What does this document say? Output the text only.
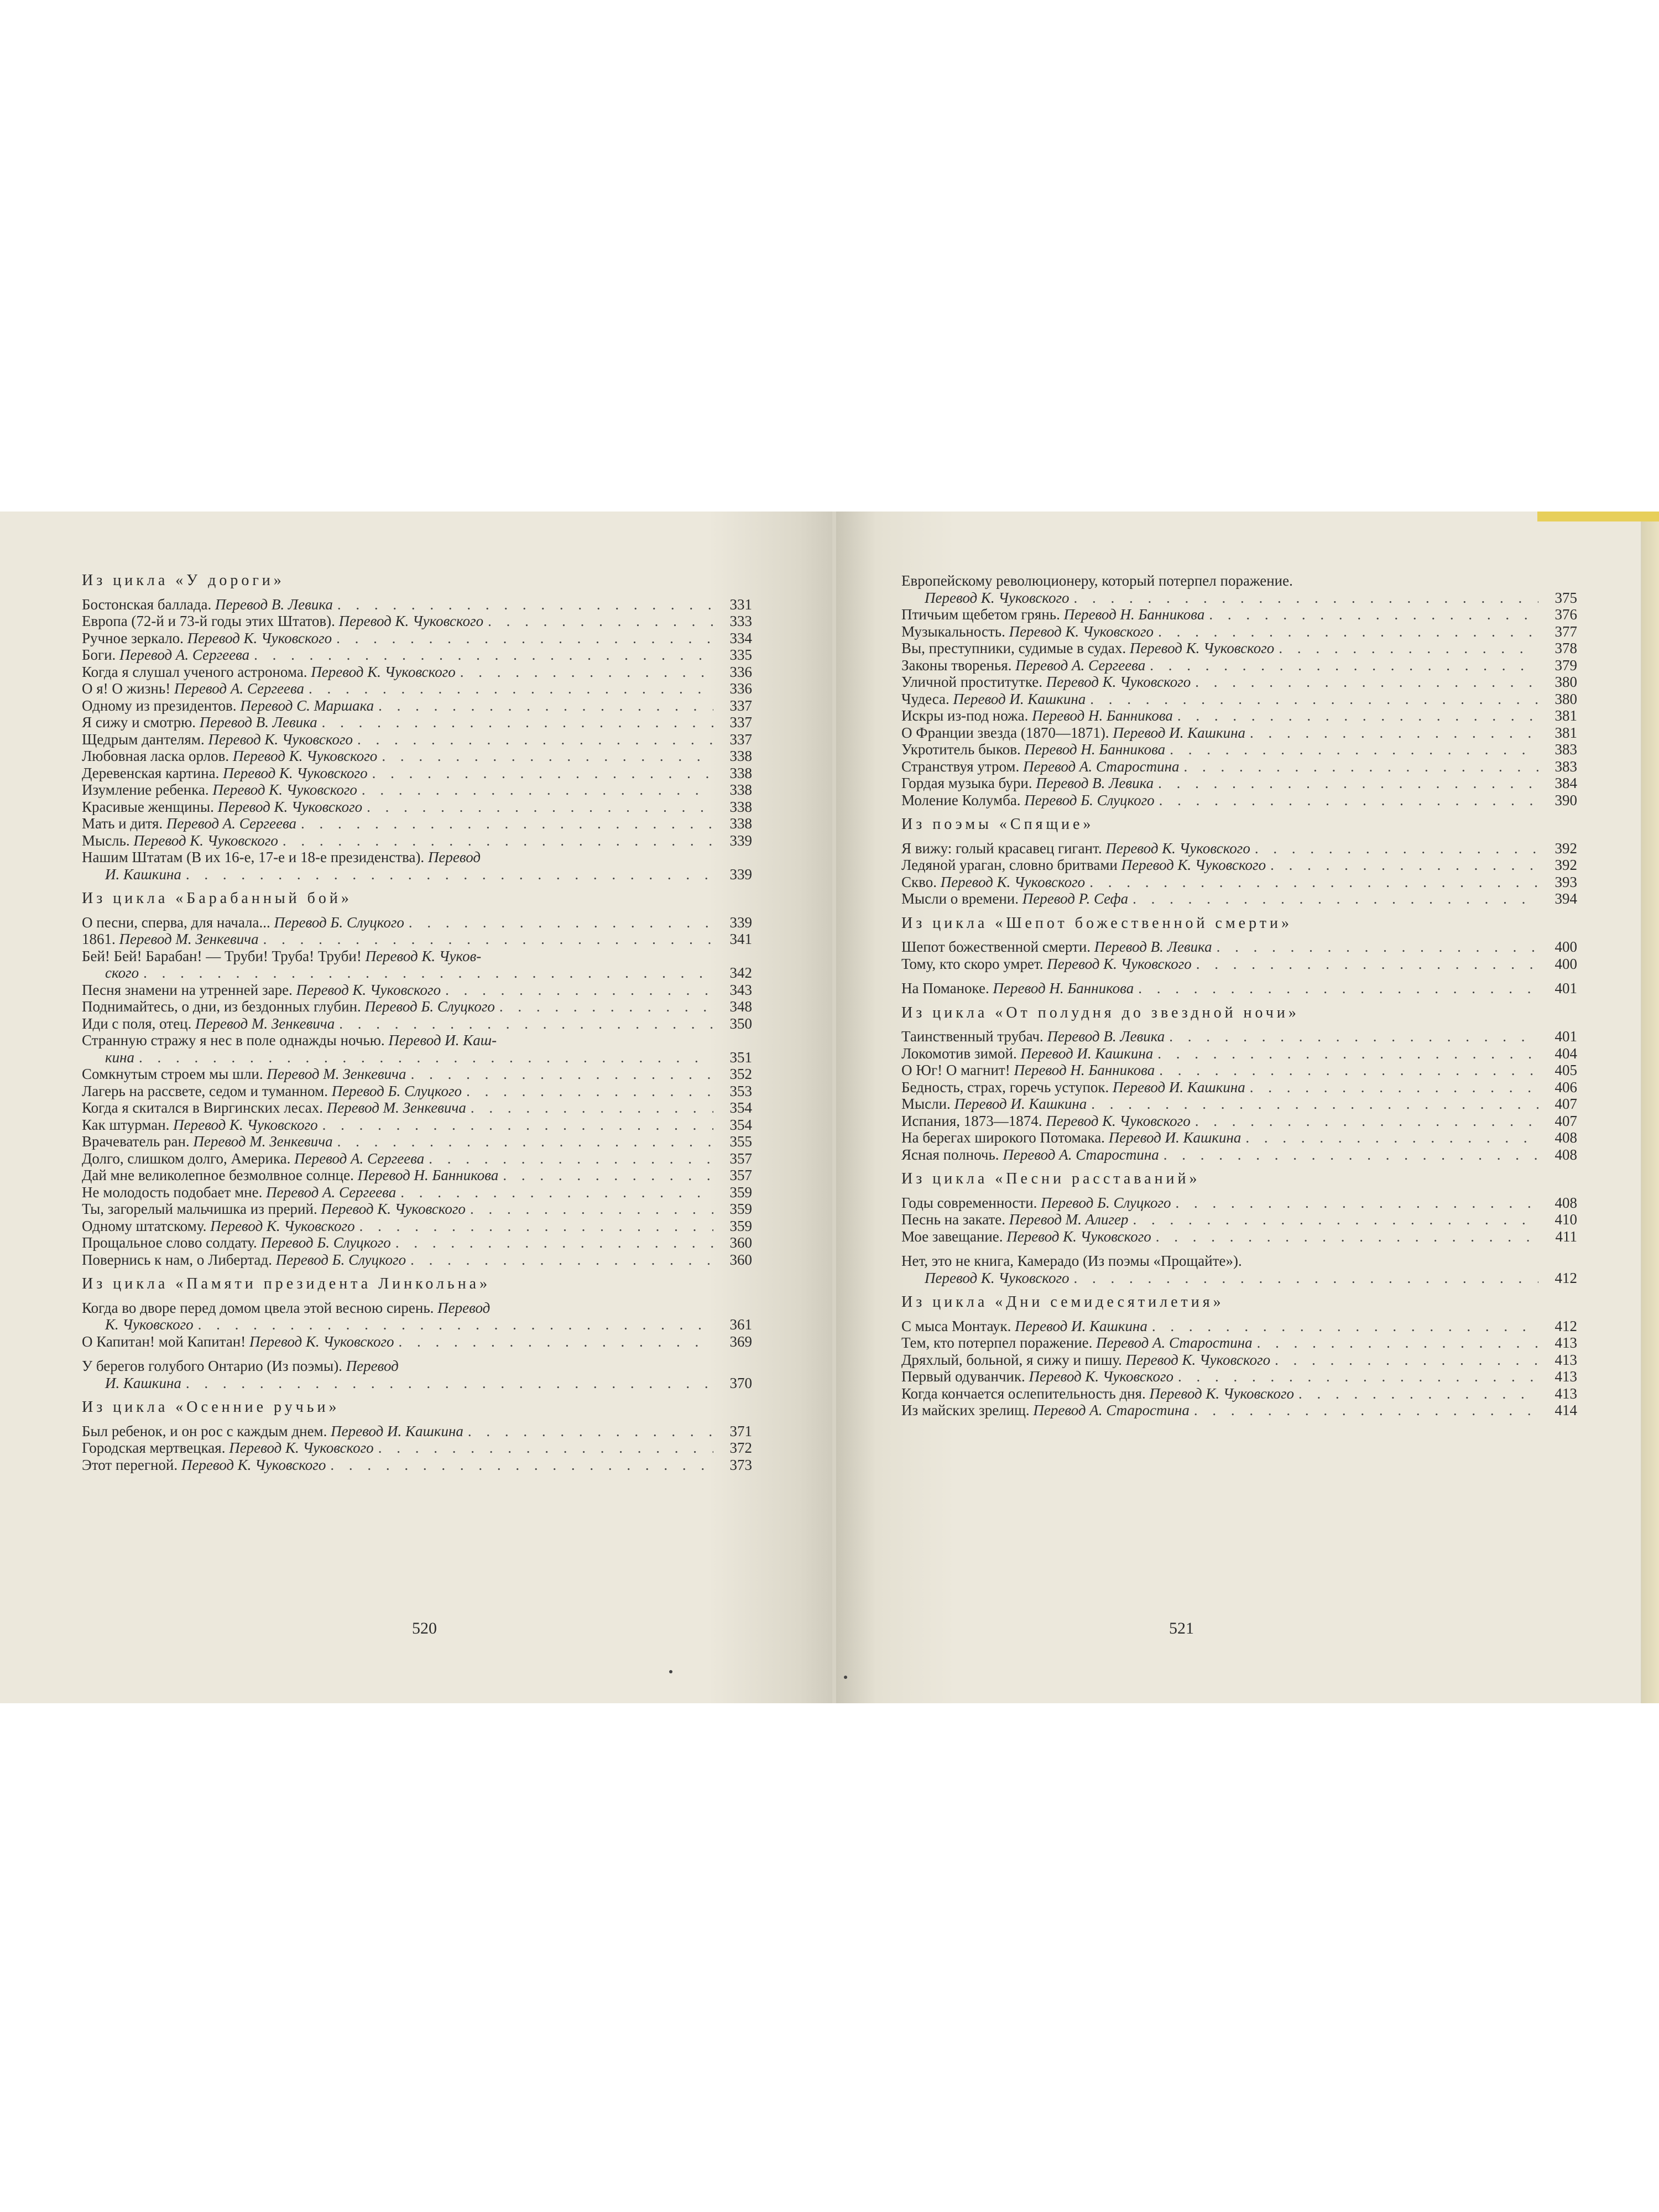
Из цикла «У дороги»
Бостонская баллада. Перевод В. Левика . . .	331
Европа (72-й и 73-й годы этих Штатов). Перевод К. Чуковского . . .	333
Ручное зеркало. Перевод К. Чуковского . . .	334
Боги. Перевод А. Сергеева . . .	335
Когда я слушал ученого астронома. Перевод К. Чуковского . . .	336
О я! О жизнь! Перевод А. Сергеева . . .	336
Одному из президентов. Перевод С. Маршака . . .	337
Я сижу и смотрю. Перевод В. Левика . . .	337
Щедрым дантелям. Перевод К. Чуковского . . .	337
Любовная ласка орлов. Перевод К. Чуковского . . .	338
Деревенская картина. Перевод К. Чуковского . . .	338
Изумление ребенка. Перевод К. Чуковского . . .	338
Красивые женщины. Перевод К. Чуковского . . .	338
Мать и дитя. Перевод А. Сергеева . . .	338
Мысль. Перевод К. Чуковского . . .	339
Нашим Штатам (В их 16-е, 17-е и 18-е президенства). Перевод
И. Кашкина . . .	339
Из цикла «Барабанный бой»
О песни, сперва, для начала... Перевод Б. Слуцкого . . .	339
1861. Перевод М. Зенкевича . . .	341
Бей! Бей! Барабан! — Труби! Труба! Труби! Перевод К. Чуков-
ского . . .	342
Песня знамени на утренней заре. Перевод К. Чуковского . . .	343
Поднимайтесь, о дни, из бездонных глубин. Перевод Б. Слуцкого . . .	348
Иди с поля, отец. Перевод М. Зенкевича . . .	350
Странную стражу я нес в поле однажды ночью. Перевод И. Каш-
кина . . .	351
Сомкнутым строем мы шли. Перевод М. Зенкевича . . .	352
Лагерь на рассвете, седом и туманном. Перевод Б. Слуцкого . . .	353
Когда я скитался в Виргинских лесах. Перевод М. Зенкевича . . .	354
Как штурман. Перевод К. Чуковского . . .	354
Врачеватель ран. Перевод М. Зенкевича . . .	355
Долго, слишком долго, Америка. Перевод А. Сергеева . . .	357
Дай мне великолепное безмолвное солнце. Перевод Н. Банникова . . .	357
Не молодость подобает мне. Перевод А. Сергеева . . .	359
Ты, загорелый мальчишка из прерий. Перевод К. Чуковского . . .	359
Одному штатскому. Перевод К. Чуковского . . .	359
Прощальное слово солдату. Перевод Б. Слуцкого . . .	360
Повернись к нам, о Либертад. Перевод Б. Слуцкого . . .	360
Из цикла «Памяти президента Линкольна»
Когда во дворе перед домом цвела этой весною сирень. Перевод
К. Чуковского . . .	361
О Капитан! мой Капитан! Перевод К. Чуковского . . .	369
У берегов голубого Онтарио (Из поэмы). Перевод
И. Кашкина . . .	370
Из цикла «Осенние ручьи»
Был ребенок, и он рос с каждым днем. Перевод И. Кашкина . . .	371
Городская мертвецкая. Перевод К. Чуковского . . .	372
Этот перегной. Перевод К. Чуковского . . .	373
520
Европейскому революционеру, который потерпел поражение.
Перевод К. Чуковского . . .	375
Птичьим щебетом грянь. Перевод Н. Банникова . . .	376
Музыкальность. Перевод К. Чуковского . . .	377
Вы, преступники, судимые в судах. Перевод К. Чуковского . . .	378
Законы творенья. Перевод А. Сергеева . . .	379
Уличной проститутке. Перевод К. Чуковского . . .	380
Чудеса. Перевод И. Кашкина . . .	380
Искры из-под ножа. Перевод Н. Банникова . . .	381
О Франции звезда (1870—1871). Перевод И. Кашкина . . .	381
Укротитель быков. Перевод Н. Банникова . . .	383
Странствуя утром. Перевод А. Старостина . . .	383
Гордая музыка бури. Перевод В. Левика . . .	384
Моление Колумба. Перевод Б. Слуцкого . . .	390
Из поэмы «Спящие»
Я вижу: голый красавец гигант. Перевод К. Чуковского . . .	392
Ледяной ураган, словно бритвами Перевод К. Чуковского . . .	392
Скво. Перевод К. Чуковского . . .	393
Мысли о времени. Перевод Р. Сефа . . .	394
Из цикла «Шепот божественной смерти»
Шепот божественной смерти. Перевод В. Левика . . .	400
Тому, кто скоро умрет. Перевод К. Чуковского . . .	400
На Поманоке. Перевод Н. Банникова . . .	401
Из цикла «От полудня до звездной ночи»
Таинственный трубач. Перевод В. Левика . . .	401
Локомотив зимой. Перевод И. Кашкина . . .	404
О Юг! О магнит! Перевод Н. Банникова . . .	405
Бедность, страх, горечь уступок. Перевод И. Кашкина . . .	406
Мысли. Перевод И. Кашкина . . .	407
Испания, 1873—1874. Перевод К. Чуковского . . .	407
На берегах широкого Потомака. Перевод И. Кашкина . . .	408
Ясная полночь. Перевод А. Старостина . . .	408
Из цикла «Песни расставаний»
Годы современности. Перевод Б. Слуцкого . . .	408
Песнь на закате. Перевод М. Алигер . . .	410
Мое завещание. Перевод К. Чуковского . . .	411
Нет, это не книга, Камерадо (Из поэмы «Прощайте»).
Перевод К. Чуковского . . .	412
Из цикла «Дни семидесятилетия»
С мыса Монтаук. Перевод И. Кашкина . . .	412
Тем, кто потерпел поражение. Перевод А. Старостина . . .	413
Дряхлый, больной, я сижу и пишу. Перевод К. Чуковского . . .	413
Первый одуванчик. Перевод К. Чуковского . . .	413
Когда кончается ослепительность дня. Перевод К. Чуковского . . .	413
Из майских зрелищ. Перевод А. Старостина . . .	414
521
